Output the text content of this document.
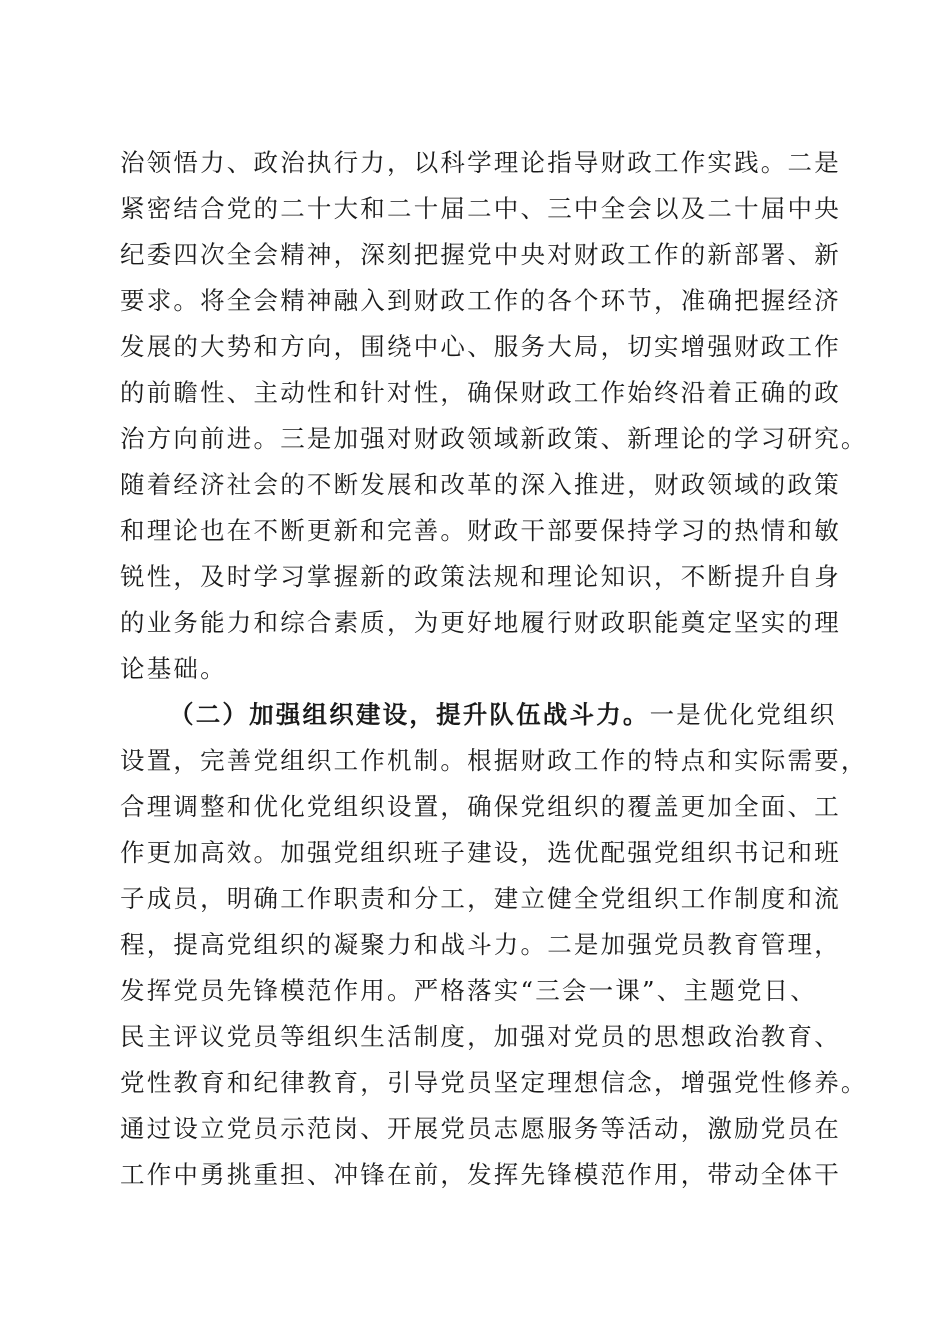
治领悟力、政治执行力，以科学理论指导财政工作实践。二是
紧密结合党的二十大和二十届二中、三中全会以及二十届中央
纪委四次全会精神，深刻把握党中央对财政工作的新部署、新
要求。将全会精神融入到财政工作的各个环节，准确把握经济
发展的大势和方向，围绕中心、服务大局，切实增强财政工作
的前瞻性、主动性和针对性，确保财政工作始终沿着正确的政
治方向前进。三是加强对财政领域新政策、新理论的学习研究。
随着经济社会的不断发展和改革的深入推进，财政领域的政策
和理论也在不断更新和完善。财政干部要保持学习的热情和敏
锐性，及时学习掌握新的政策法规和理论知识，不断提升自身
的业务能力和综合素质，为更好地履行财政职能奠定坚实的理
论基础。
（二）加强组织建设，提升队伍战斗力。一是优化党组织
设置，完善党组织工作机制。根据财政工作的特点和实际需要，
合理调整和优化党组织设置，确保党组织的覆盖更加全面、工
作更加高效。加强党组织班子建设，选优配强党组织书记和班
子成员，明确工作职责和分工，建立健全党组织工作制度和流
程，提高党组织的凝聚力和战斗力。二是加强党员教育管理，
发挥党员先锋模范作用。严格落实“三会一课”、主题党日、
民主评议党员等组织生活制度，加强对党员的思想政治教育、
党性教育和纪律教育，引导党员坚定理想信念，增强党性修养。
通过设立党员示范岗、开展党员志愿服务等活动，激励党员在
工作中勇挑重担、冲锋在前，发挥先锋模范作用，带动全体干
